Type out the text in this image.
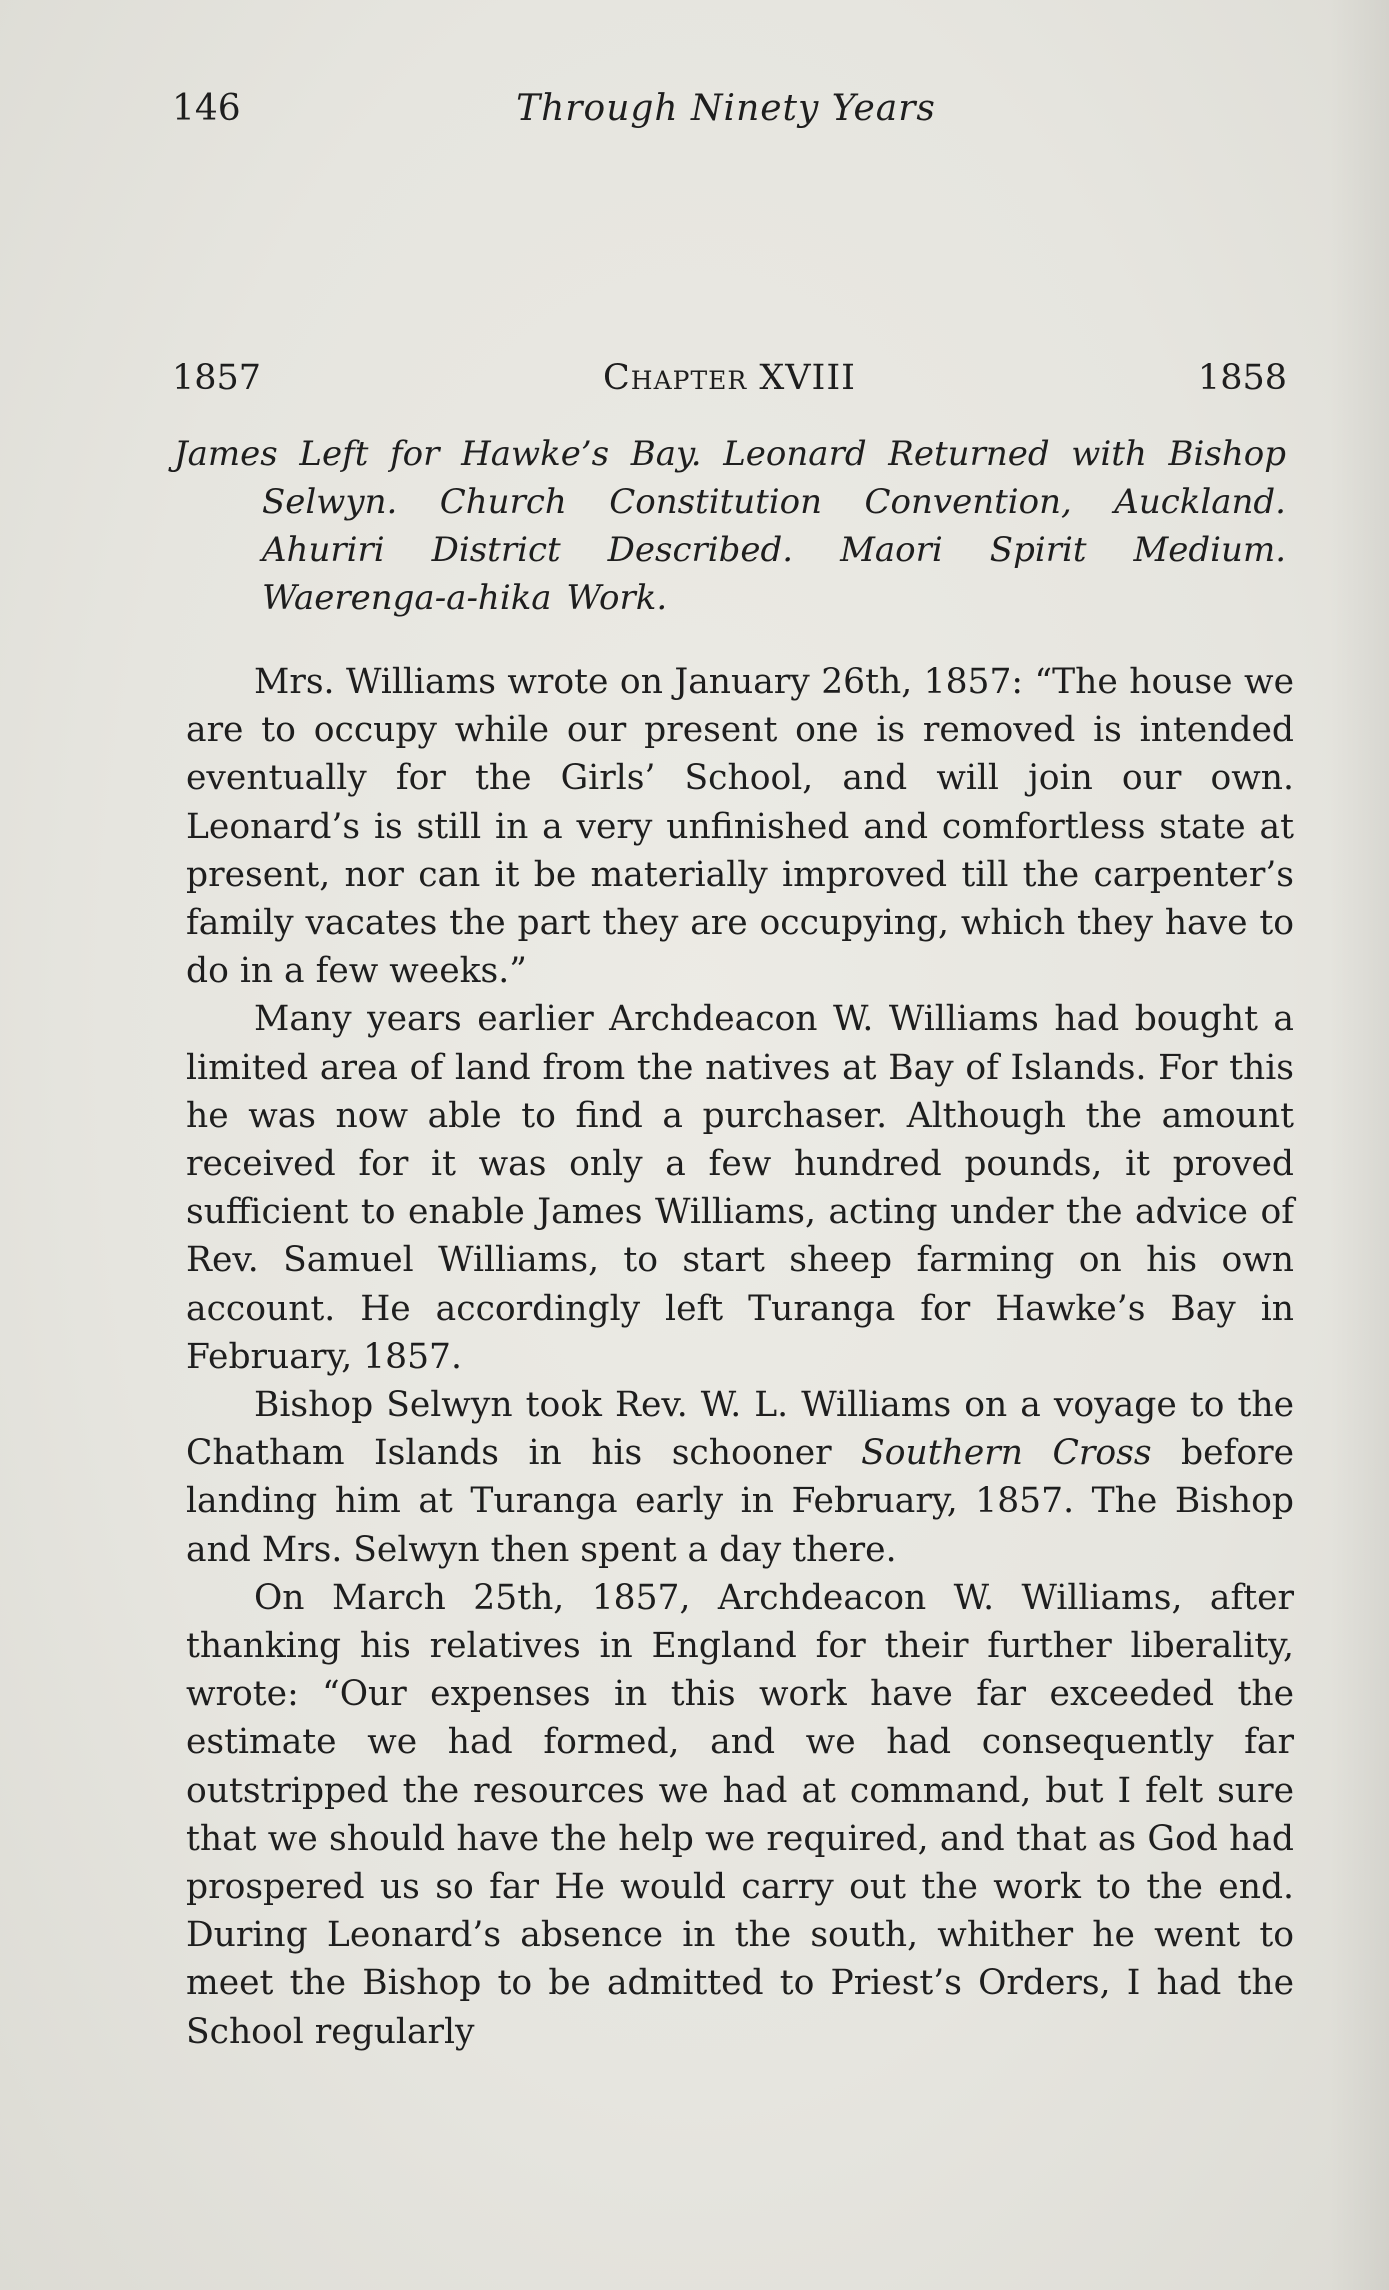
146	Through Ninety Years
1857	Chapter XVIII	1858
James Left for Hawke’s Bay. Leonard Returned with Bishop Selwyn. Church Constitution Convention, Auckland. Ahuriri District Described. Maori Spirit Medium. Waerenga-a-hika Work.

Mrs. Williams wrote on January 26th, 1857: “The house we are to occupy while our present one is removed is intended eventually for the Girls’ School, and will join our own. Leonard’s is still in a very unfinished and comfortless state at present, nor can it be materially improved till the carpenter’s family vacates the part they are occupying, which they have to do in a few weeks.”

Many years earlier Archdeacon W. Williams had bought a limited area of land from the natives at Bay of Islands. For this he was now able to find a purchaser. Although the amount received for it was only a few hundred pounds, it proved sufficient to enable James Williams, acting under the advice of Rev. Samuel Williams, to start sheep farming on his own account. He accordingly left Turanga for Hawke’s Bay in February, 1857.

Bishop Selwyn took Rev. W. L. Williams on a voyage to the Chatham Islands in his schooner Southern Cross before landing him at Turanga early in February, 1857. The Bishop and Mrs. Selwyn then spent a day there.

On March 25th, 1857, Archdeacon W. Williams, after thanking his relatives in England for their further liberality, wrote: “Our expenses in this work have far exceeded the estimate we had formed, and we had consequently far outstripped the resources we had at command, but I felt sure that we should have the help we required, and that as God had prospered us so far He would carry out the work to the end. During Leonard’s absence in the south, whither he went to meet the Bishop to be admitted to Priest’s Orders, I had the School regularly
